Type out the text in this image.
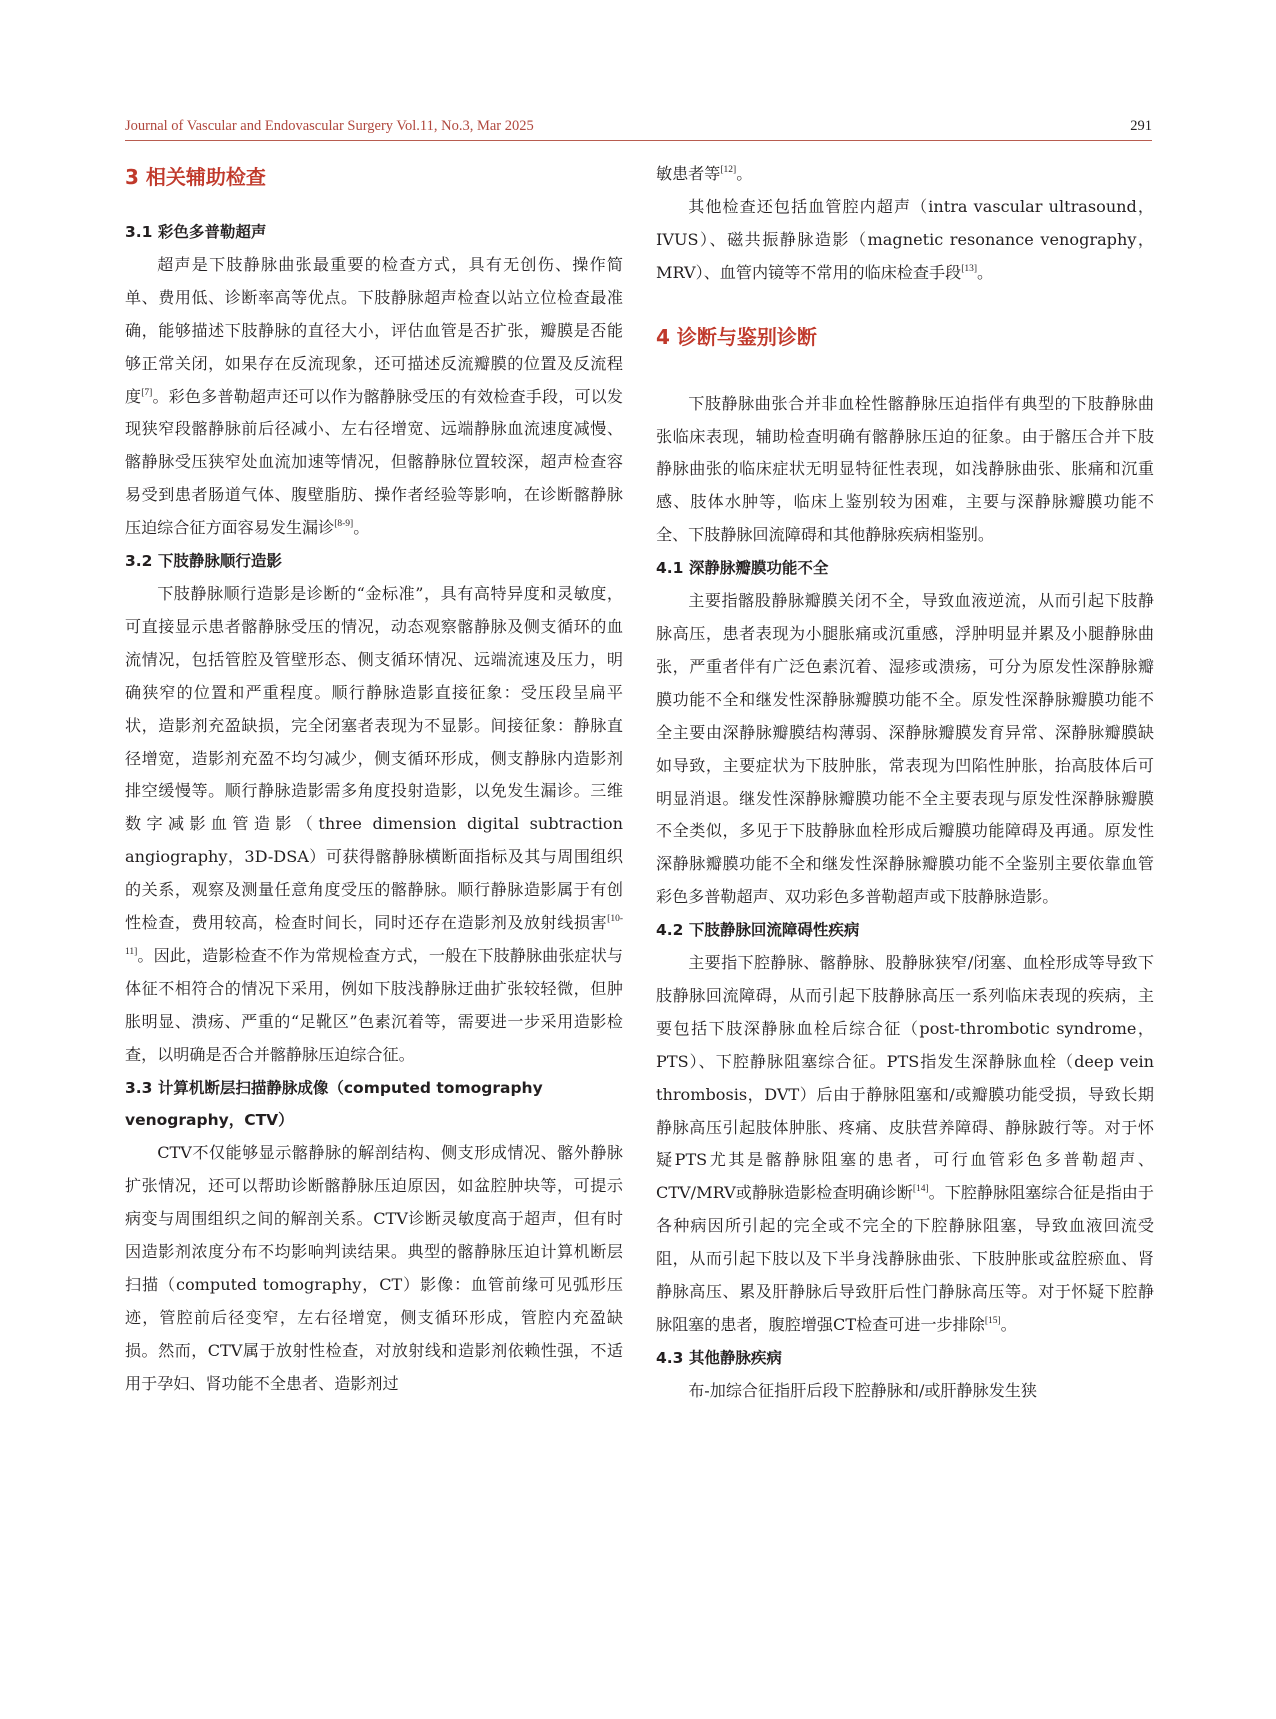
Journal of Vascular and Endovascular Surgery Vol.11, No.3, Mar 2025	291
3 相关辅助检查
3.1 彩色多普勒超声

超声是下肢静脉曲张最重要的检查方式，具有无创伤、操作简单、费用低、诊断率高等优点。下肢静脉超声检查以站立位检查最准确，能够描述下肢静脉的直径大小，评估血管是否扩张，瓣膜是否能够正常关闭，如果存在反流现象，还可描述反流瓣膜的位置及反流程度[7]。彩色多普勒超声还可以作为髂静脉受压的有效检查手段，可以发现狭窄段髂静脉前后径减小、左右径增宽、远端静脉血流速度减慢、髂静脉受压狭窄处血流加速等情况，但髂静脉位置较深，超声检查容易受到患者肠道气体、腹壁脂肪、操作者经验等影响，在诊断髂静脉压迫综合征方面容易发生漏诊[8-9]。

3.2 下肢静脉顺行造影

下肢静脉顺行造影是诊断的“金标准”，具有高特异度和灵敏度，可直接显示患者髂静脉受压的情况，动态观察髂静脉及侧支循环的血流情况，包括管腔及管壁形态、侧支循环情况、远端流速及压力，明确狭窄的位置和严重程度。顺行静脉造影直接征象：受压段呈扁平状，造影剂充盈缺损，完全闭塞者表现为不显影。间接征象：静脉直径增宽，造影剂充盈不均匀减少，侧支循环形成，侧支静脉内造影剂排空缓慢等。顺行静脉造影需多角度投射造影，以免发生漏诊。三维数字减影血管造影（three dimension digital subtraction angiography，3D-DSA）可获得髂静脉横断面指标及其与周围组织的关系，观察及测量任意角度受压的髂静脉。顺行静脉造影属于有创性检查，费用较高，检查时间长，同时还存在造影剂及放射线损害[10-11]。因此，造影检查不作为常规检查方式，一般在下肢静脉曲张症状与体征不相符合的情况下采用，例如下肢浅静脉迂曲扩张较轻微，但肿胀明显、溃疡、严重的“足靴区”色素沉着等，需要进一步采用造影检查，以明确是否合并髂静脉压迫综合征。

3.3 计算机断层扫描静脉成像（computed tomography venography，CTV）

CTV不仅能够显示髂静脉的解剖结构、侧支形成情况、髂外静脉扩张情况，还可以帮助诊断髂静脉压迫原因，如盆腔肿块等，可提示病变与周围组织之间的解剖关系。CTV诊断灵敏度高于超声，但有时因造影剂浓度分布不均影响判读结果。典型的髂静脉压迫计算机断层扫描（computed tomography，CT）影像：血管前缘可见弧形压迹，管腔前后径变窄，左右径增宽，侧支循环形成，管腔内充盈缺损。然而，CTV属于放射性检查，对放射线和造影剂依赖性强，不适用于孕妇、肾功能不全患者、造影剂过

敏患者等[12]。

其他检查还包括血管腔内超声（intra vascular ultrasound，IVUS）、磁共振静脉造影（magnetic resonance venography，MRV）、血管内镜等不常用的临床检查手段[13]。

4 诊断与鉴别诊断

下肢静脉曲张合并非血栓性髂静脉压迫指伴有典型的下肢静脉曲张临床表现，辅助检查明确有髂静脉压迫的征象。由于髂压合并下肢静脉曲张的临床症状无明显特征性表现，如浅静脉曲张、胀痛和沉重感、肢体水肿等，临床上鉴别较为困难，主要与深静脉瓣膜功能不全、下肢静脉回流障碍和其他静脉疾病相鉴别。

4.1 深静脉瓣膜功能不全

主要指髂股静脉瓣膜关闭不全，导致血液逆流，从而引起下肢静脉高压，患者表现为小腿胀痛或沉重感，浮肿明显并累及小腿静脉曲张，严重者伴有广泛色素沉着、湿疹或溃疡，可分为原发性深静脉瓣膜功能不全和继发性深静脉瓣膜功能不全。原发性深静脉瓣膜功能不全主要由深静脉瓣膜结构薄弱、深静脉瓣膜发育异常、深静脉瓣膜缺如导致，主要症状为下肢肿胀，常表现为凹陷性肿胀，抬高肢体后可明显消退。继发性深静脉瓣膜功能不全主要表现与原发性深静脉瓣膜不全类似，多见于下肢静脉血栓形成后瓣膜功能障碍及再通。原发性深静脉瓣膜功能不全和继发性深静脉瓣膜功能不全鉴别主要依靠血管彩色多普勒超声、双功彩色多普勒超声或下肢静脉造影。

4.2 下肢静脉回流障碍性疾病

主要指下腔静脉、髂静脉、股静脉狭窄/闭塞、血栓形成等导致下肢静脉回流障碍，从而引起下肢静脉高压一系列临床表现的疾病，主要包括下肢深静脉血栓后综合征（post-thrombotic syndrome，PTS）、下腔静脉阻塞综合征。PTS指发生深静脉血栓（deep vein thrombosis，DVT）后由于静脉阻塞和/或瓣膜功能受损，导致长期静脉高压引起肢体肿胀、疼痛、皮肤营养障碍、静脉跛行等。对于怀疑PTS尤其是髂静脉阻塞的患者，可行血管彩色多普勒超声、CTV/MRV或静脉造影检查明确诊断[14]。下腔静脉阻塞综合征是指由于各种病因所引起的完全或不完全的下腔静脉阻塞，导致血液回流受阻，从而引起下肢以及下半身浅静脉曲张、下肢肿胀或盆腔瘀血、肾静脉高压、累及肝静脉后导致肝后性门静脉高压等。对于怀疑下腔静脉阻塞的患者，腹腔增强CT检查可进一步排除[15]。

4.3 其他静脉疾病

布-加综合征指肝后段下腔静脉和/或肝静脉发生狭
